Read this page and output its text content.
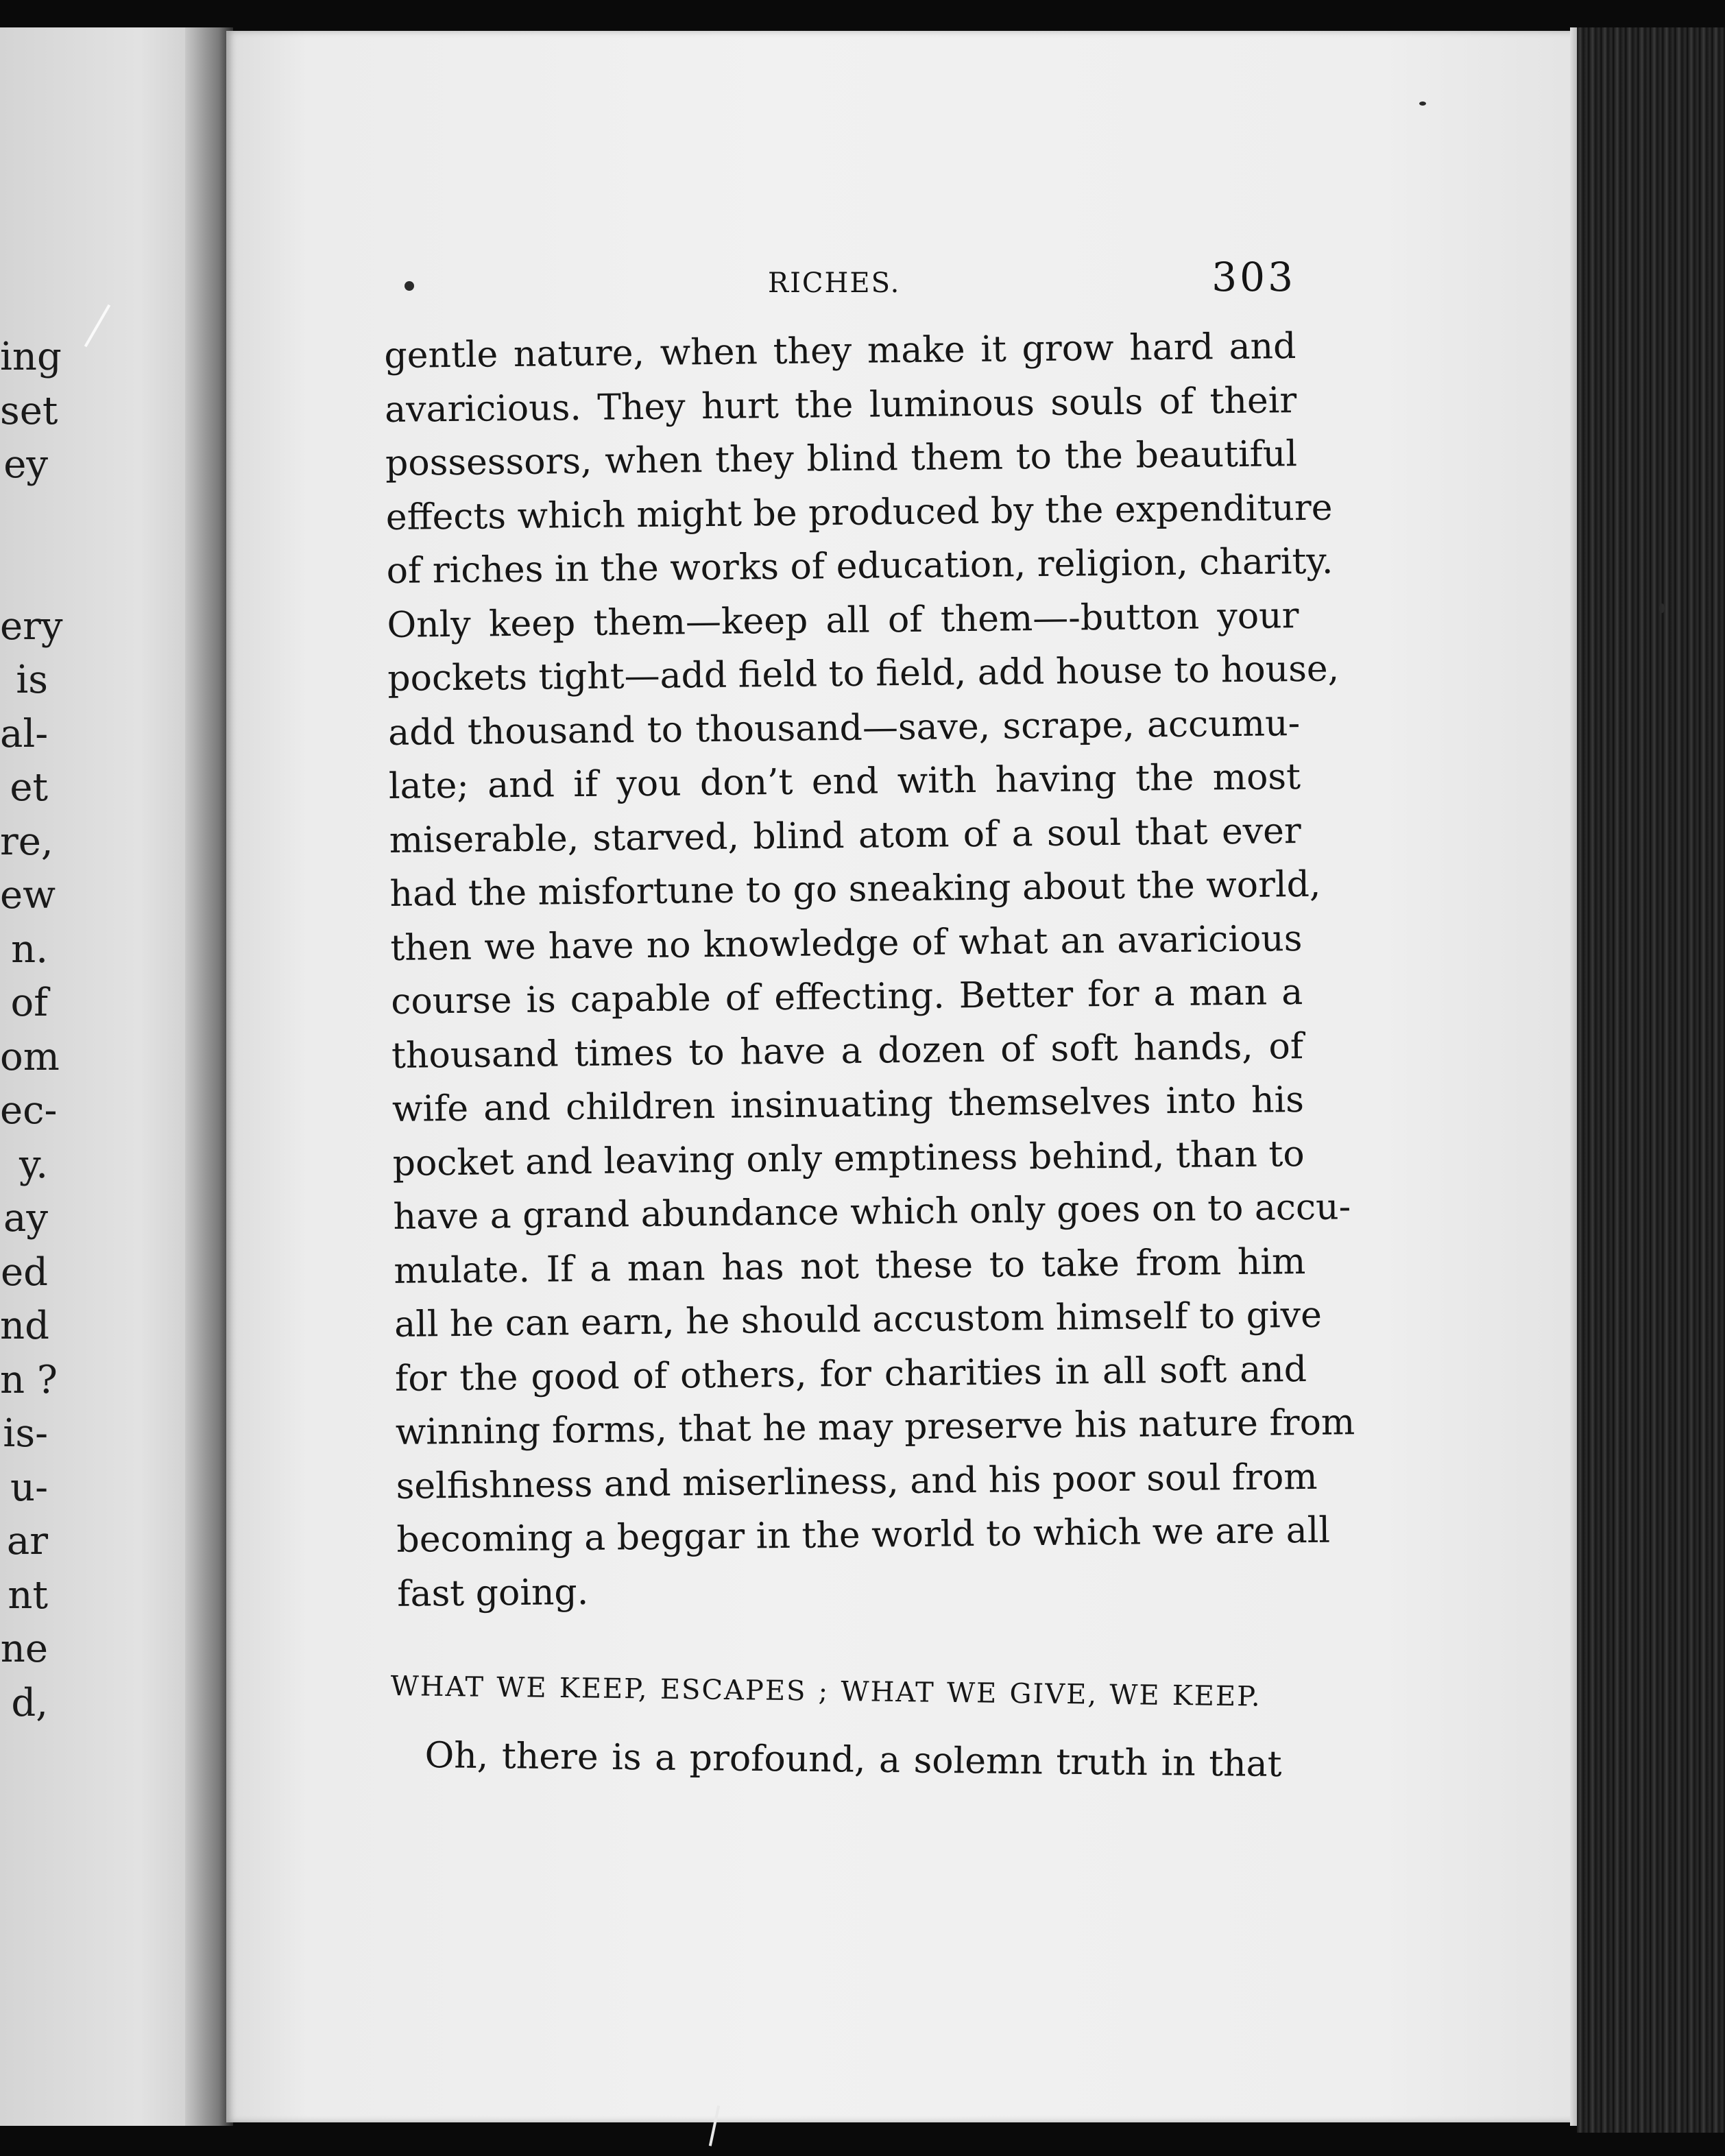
ing
set
ey
ery
is
al-
et
re,
ew
n.
of
om
ec-
y.
ay
ed
nd
n ?
is-
u-
ar
nt
ne
d,
RICHES.	303
gentle nature, when they make it grow hard and
avaricious. They hurt the luminous souls of their
possessors, when they blind them to the beautiful
effects which might be produced by the expenditure
of riches in the works of education, religion, charity.
Only keep them—keep all of them—-button your
pockets tight—add field to field, add house to house,
add thousand to thousand—save, scrape, accumu-
late; and if you don’t end with having the most
miserable, starved, blind atom of a soul that ever
had the misfortune to go sneaking about the world,
then we have no knowledge of what an avaricious
course is capable of effecting. Better for a man a
thousand times to have a dozen of soft hands, of
wife and children insinuating themselves into his
pocket and leaving only emptiness behind, than to
have a grand abundance which only goes on to accu-
mulate. If a man has not these to take from him
all he can earn, he should accustom himself to give
for the good of others, for charities in all soft and
winning forms, that he may preserve his nature from
selfishness and miserliness, and his poor soul from
becoming a beggar in the world to which we are all
fast going.
WHAT WE KEEP, ESCAPES ; WHAT WE GIVE, WE KEEP.
Oh, there is a profound, a solemn truth in that
